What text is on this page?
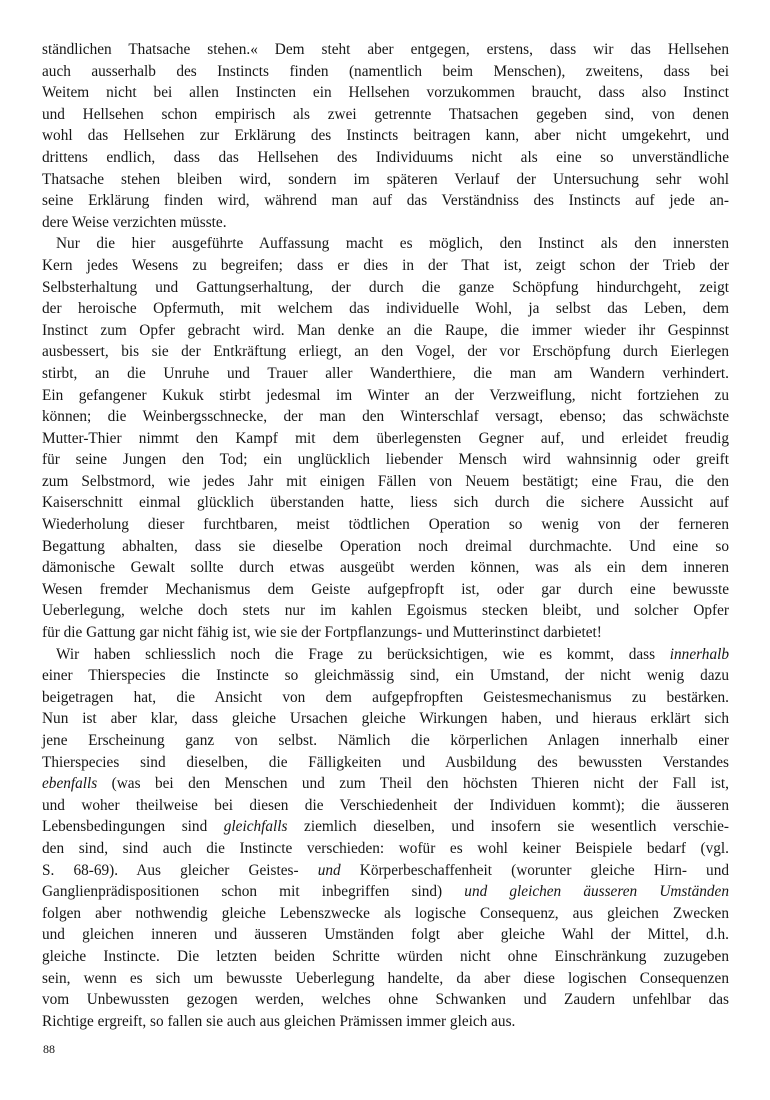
ständlichen Thatsache stehen.« Dem steht aber entgegen, erstens, dass wir das Hellsehen
auch ausserhalb des Instincts finden (namentlich beim Menschen), zweitens, dass bei
Weitem nicht bei allen Instincten ein Hellsehen vorzukommen braucht, dass also Instinct
und Hellsehen schon empirisch als zwei getrennte Thatsachen gegeben sind, von denen
wohl das Hellsehen zur Erklärung des Instincts beitragen kann, aber nicht umgekehrt, und
drittens endlich, dass das Hellsehen des Individuums nicht als eine so unverständliche
Thatsache stehen bleiben wird, sondern im späteren Verlauf der Untersuchung sehr wohl
seine Erklärung finden wird, während man auf das Verständniss des Instincts auf jede an-
dere Weise verzichten müsste.
Nur die hier ausgeführte Auffassung macht es möglich, den Instinct als den innersten
Kern jedes Wesens zu begreifen; dass er dies in der That ist, zeigt schon der Trieb der
Selbsterhaltung und Gattungserhaltung, der durch die ganze Schöpfung hindurchgeht, zeigt
der heroische Opfermuth, mit welchem das individuelle Wohl, ja selbst das Leben, dem
Instinct zum Opfer gebracht wird. Man denke an die Raupe, die immer wieder ihr Gespinnst
ausbessert, bis sie der Entkräftung erliegt, an den Vogel, der vor Erschöpfung durch Eierlegen
stirbt, an die Unruhe und Trauer aller Wanderthiere, die man am Wandern verhindert.
Ein gefangener Kukuk stirbt jedesmal im Winter an der Verzweiflung, nicht fortziehen zu
können; die Weinbergsschnecke, der man den Winterschlaf versagt, ebenso; das schwächste
Mutter-Thier nimmt den Kampf mit dem überlegensten Gegner auf, und erleidet freudig
für seine Jungen den Tod; ein unglücklich liebender Mensch wird wahnsinnig oder greift
zum Selbstmord, wie jedes Jahr mit einigen Fällen von Neuem bestätigt; eine Frau, die den
Kaiserschnitt einmal glücklich überstanden hatte, liess sich durch die sichere Aussicht auf
Wiederholung dieser furchtbaren, meist tödtlichen Operation so wenig von der ferneren
Begattung abhalten, dass sie dieselbe Operation noch dreimal durchmachte. Und eine so
dämonische Gewalt sollte durch etwas ausgeübt werden können, was als ein dem inneren
Wesen fremder Mechanismus dem Geiste aufgepfropft ist, oder gar durch eine bewusste
Ueberlegung, welche doch stets nur im kahlen Egoismus stecken bleibt, und solcher Opfer
für die Gattung gar nicht fähig ist, wie sie der Fortpflanzungs- und Mutterinstinct darbietet!
Wir haben schliesslich noch die Frage zu berücksichtigen, wie es kommt, dass innerhalb
einer Thierspecies die Instincte so gleichmässig sind, ein Umstand, der nicht wenig dazu
beigetragen hat, die Ansicht von dem aufgepfropften Geistesmechanismus zu bestärken.
Nun ist aber klar, dass gleiche Ursachen gleiche Wirkungen haben, und hieraus erklärt sich
jene Erscheinung ganz von selbst. Nämlich die körperlichen Anlagen innerhalb einer
Thierspecies sind dieselben, die Fälligkeiten und Ausbildung des bewussten Verstandes
ebenfalls (was bei den Menschen und zum Theil den höchsten Thieren nicht der Fall ist,
und woher theilweise bei diesen die Verschiedenheit der Individuen kommt); die äusseren
Lebensbedingungen sind gleichfalls ziemlich dieselben, und insofern sie wesentlich verschie-
den sind, sind auch die Instincte verschieden: wofür es wohl keiner Beispiele bedarf (vgl.
S. 68-69). Aus gleicher Geistes- und Körperbeschaffenheit (worunter gleiche Hirn- und
Ganglienprädispositionen schon mit inbegriffen sind) und gleichen äusseren Umständen
folgen aber nothwendig gleiche Lebenszwecke als logische Consequenz, aus gleichen Zwecken
und gleichen inneren und äusseren Umständen folgt aber gleiche Wahl der Mittel, d.h.
gleiche Instincte. Die letzten beiden Schritte würden nicht ohne Einschränkung zuzugeben
sein, wenn es sich um bewusste Ueberlegung handelte, da aber diese logischen Consequenzen
vom Unbewussten gezogen werden, welches ohne Schwanken und Zaudern unfehlbar das
Richtige ergreift, so fallen sie auch aus gleichen Prämissen immer gleich aus.
88
